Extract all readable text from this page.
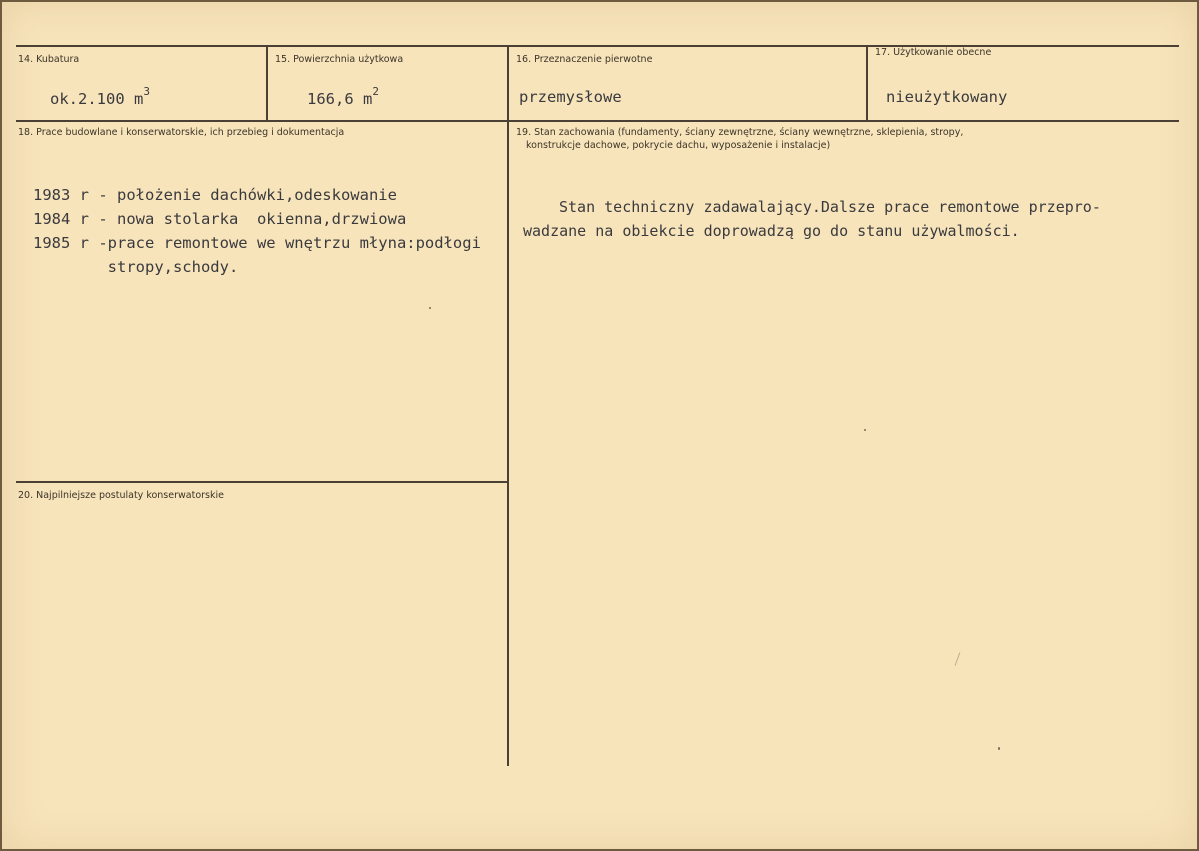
14. Kubatura
ok.2.100 $m^3$
15. Powierzchnia użytkowa
166,6 $m^2$
16. Przeznaczenie pierwotne
przemysłowe
17. Użytkowanie obecne
nieużytkowany
18. Prace budowlane i konserwatorskie, ich przebieg i dokumentacja
1983 r - położenie dachówki,odeskowanie
1984 r - nowa stolarka  okienna,drzwiowa
1985 r -prace remontowe we wnętrzu młyna:podłogi
stropy,schody.
19. Stan zachowania (fundamenty, ściany zewnętrzne, ściany wewnętrzne, sklepienia, stropy,
konstrukcje dachowe, pokrycie dachu, wyposażenie i instalacje)
Stan techniczny zadawalający.Dalsze prace remontowe przepro-
wadzane na obiekcie doprowadzą go do stanu używalmości.
20. Najpilniejsze postulaty konserwatorskie
